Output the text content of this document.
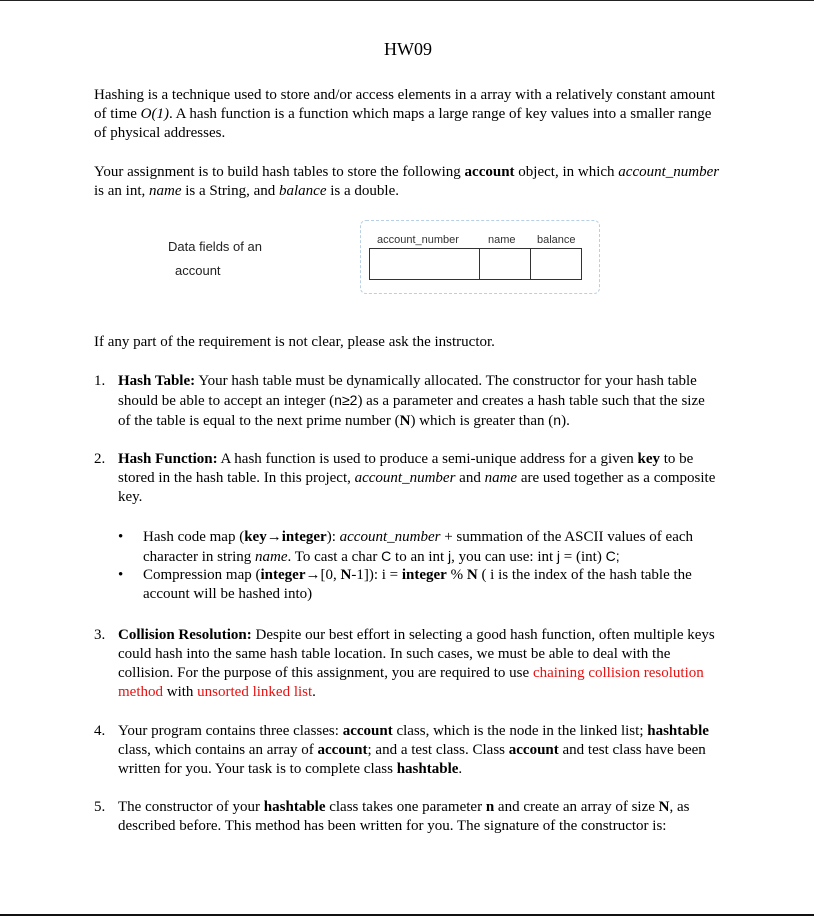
HW09

Hashing is a technique used to store and/or access elements in a array with a relatively constant amount of time O(1). A hash function is a function which maps a large range of key values into a smaller range of physical addresses.

Your assignment is to build hash tables to store the following account object, in which account_number is an int, name is a String, and balance is a double.

Data fields of an
account
account_number	name balance

If any part of the requirement is not clear, please ask the instructor.

1. Hash Table: Your hash table must be dynamically allocated. The constructor for your hash table should be able to accept an integer (n≥2) as a parameter and creates a hash table such that the size of the table is equal to the next prime number (N) which is greater than (n).
2. Hash Function: A hash function is used to produce a semi-unique address for a given key to be stored in the hash table. In this project, account_number and name are used together as a composite key.
• Hash code map (key→integer): account_number + summation of the ASCII values of each character in string name. To cast a char C to an int j, you can use: int j = (int) C;
• Compression map (integer→[0, N-1]): i = integer % N ( i is the index of the hash table the account will be hashed into)
3. Collision Resolution: Despite our best effort in selecting a good hash function, often multiple keys could hash into the same hash table location. In such cases, we must be able to deal with the collision. For the purpose of this assignment, you are required to use chaining collision resolution method with unsorted linked list.
4. Your program contains three classes: account class, which is the node in the linked list; hashtable class, which contains an array of account; and a test class. Class account and test class have been written for you. Your task is to complete class hashtable.
5. The constructor of your hashtable class takes one parameter n and create an array of size N, as described before. This method has been written for you. The signature of the constructor is:
